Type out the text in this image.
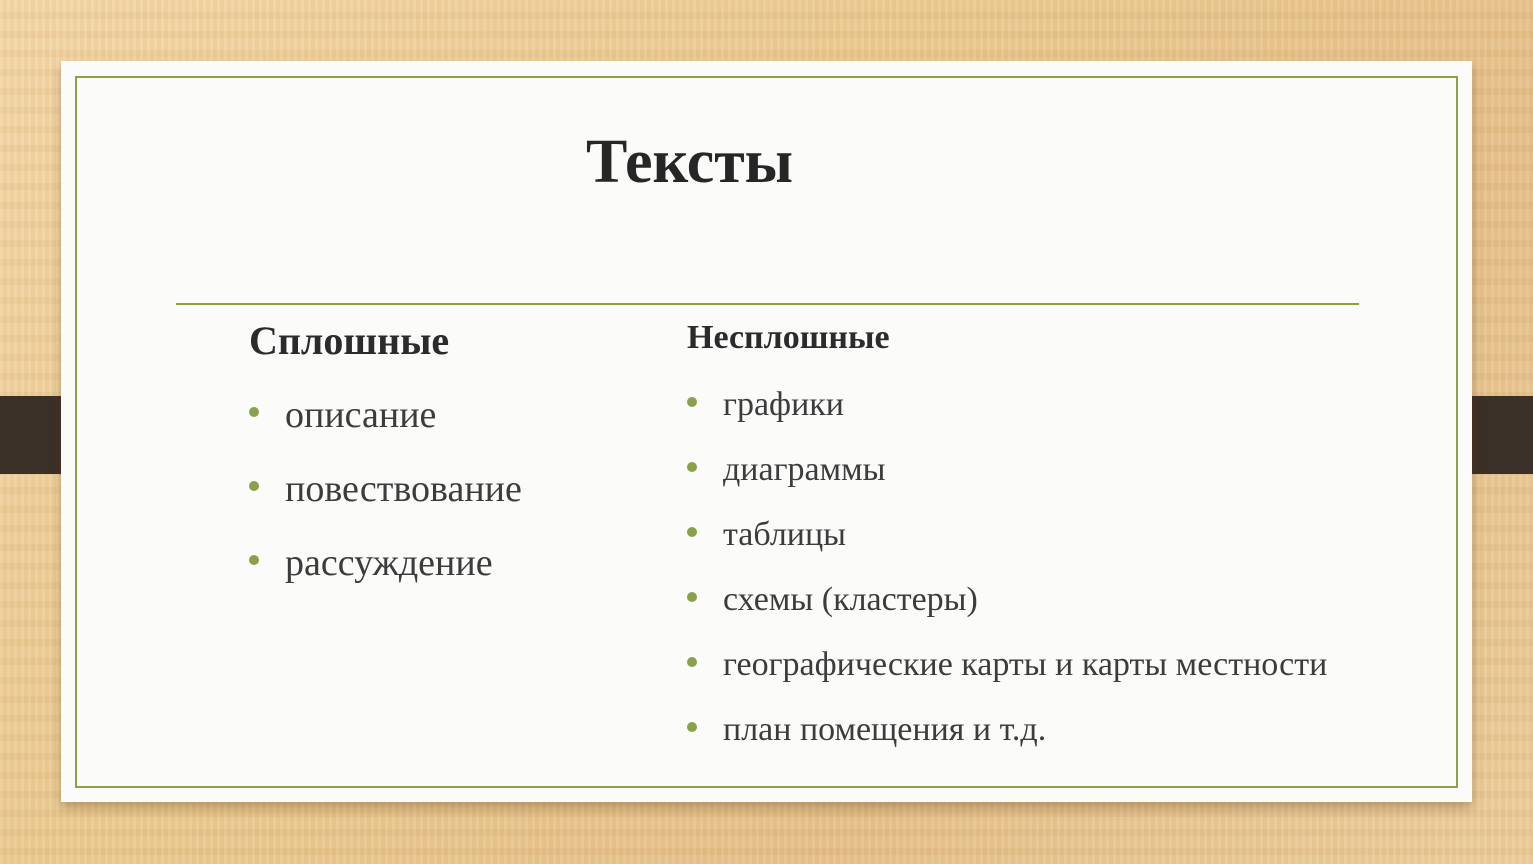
Тексты
Сплошные
описание
повествование
рассуждение
Несплошные
графики
диаграммы
таблицы
схемы (кластеры)
географические карты и карты местности
план помещения и т.д.
